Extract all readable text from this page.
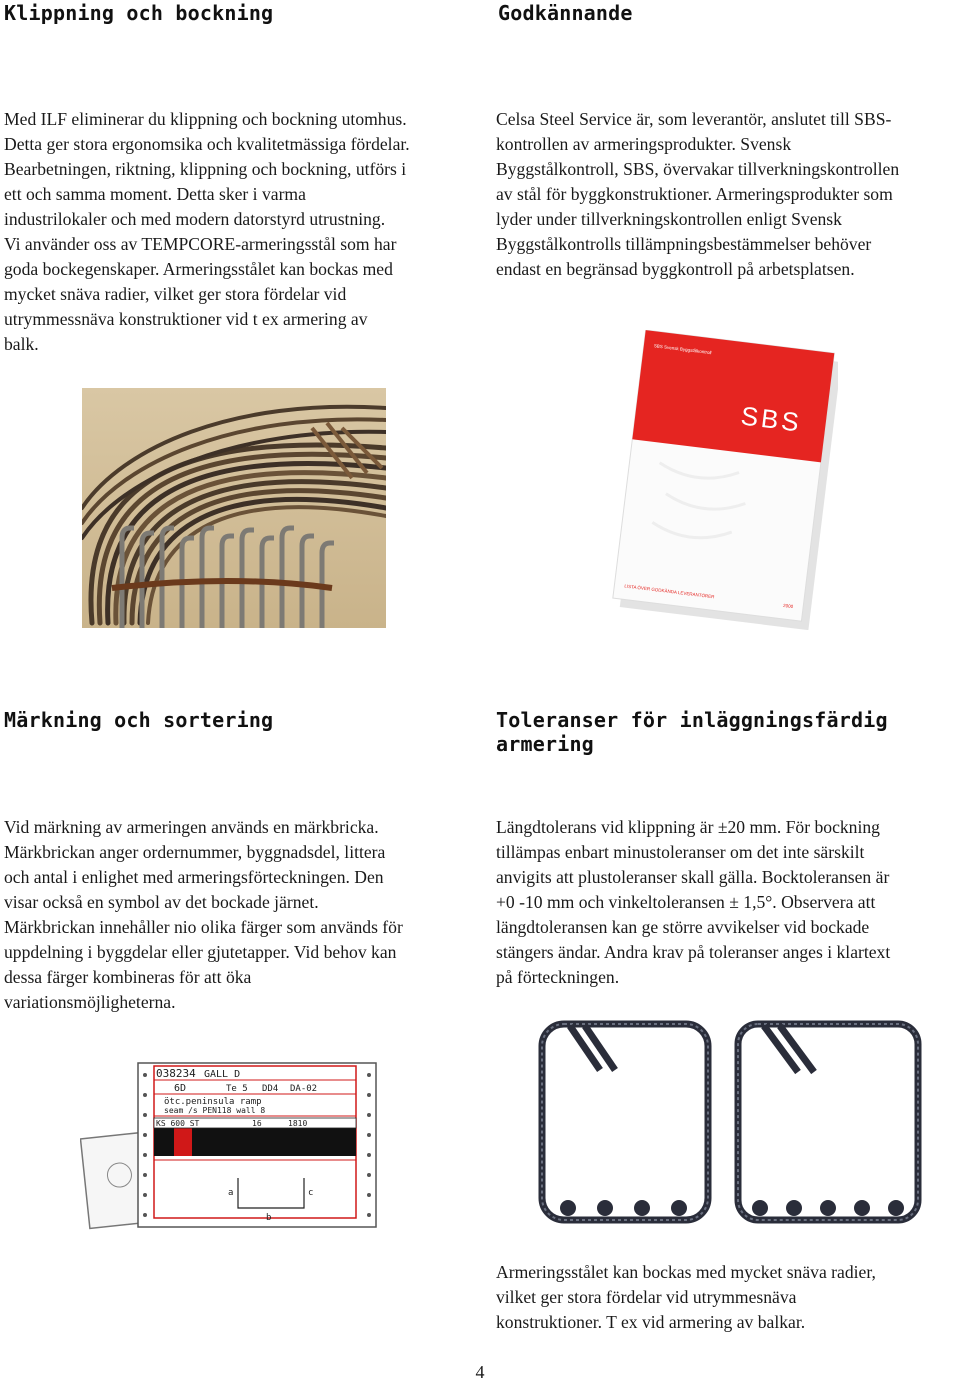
Klippning och bockning	Godkännande
Märkning och sortering	Toleranser för inläggningsfärdig armering
Med ILF eliminerar du klippning och bockning utomhus.
Detta ger stora ergonomsika och kvalitetmässiga fördelar.
Bearbetningen, riktning, klippning och bockning, utförs i
ett och samma moment. Detta sker i varma
industrilokaler och med modern datorstyrd utrustning.
Vi använder oss av TEMPCORE-armeringsstål som har
goda bockegenskaper. Armeringsstålet kan bockas med
mycket snäva radier, vilket ger stora fördelar vid
utrymmessnäva konstruktioner vid t ex armering av
balk.
Celsa Steel Service är, som leverantör, anslutet till SBS-
kontrollen av armeringsprodukter. Svensk
Byggstålkontroll, SBS, övervakar tillverkningskontrollen
av stål för byggkonstruktioner. Armeringsprodukter som
lyder under tillverkningskontrollen enligt Svensk
Byggstålkontrolls tillämpningsbestämmelser behöver
endast en begränsad byggkontroll på arbetsplatsen.
Vid märkning av armeringen används en märkbricka.
Märkbrickan anger ordernummer, byggnadsdel, littera
och antal i enlighet med armeringsförteckningen. Den
visar också en symbol av det bockade järnet.
Märkbrickan innehåller nio olika färger som används för
uppdelning i byggdelar eller gjutetapper. Vid behov kan
dessa färger kombineras för att öka
variationsmöjligheterna.
Längdtolerans vid klippning är ±20 mm. För bockning
tillämpas enbart minustoleranser om det inte särskilt
anvigits att plustoleranser skall gälla. Bocktoleransen är
+0 -10 mm och vinkeltoleransen ± 1,5°. Observera att
längdtoleransen kan ge större avvikelser vid bockade
stängers ändar. Andra krav på toleranser anges i klartext
på förteckningen.
Armeringsstålet kan bockas med mycket snäva radier,
vilket ger stora fördelar vid utrymmesnäva
konstruktioner. T ex vid armering av balkar.
SBS Svensk Byggstålkontroll
SBS
LISTA ÖVER GODKÄNDA LEVERANTÖRER
2000
038234 GALL D
6D	Te 5 DD4 DA-02
ötc.peninsula ramp
seam /s PEN118 wall 8
KS 600 ST	16	1810
a
b
c
4
